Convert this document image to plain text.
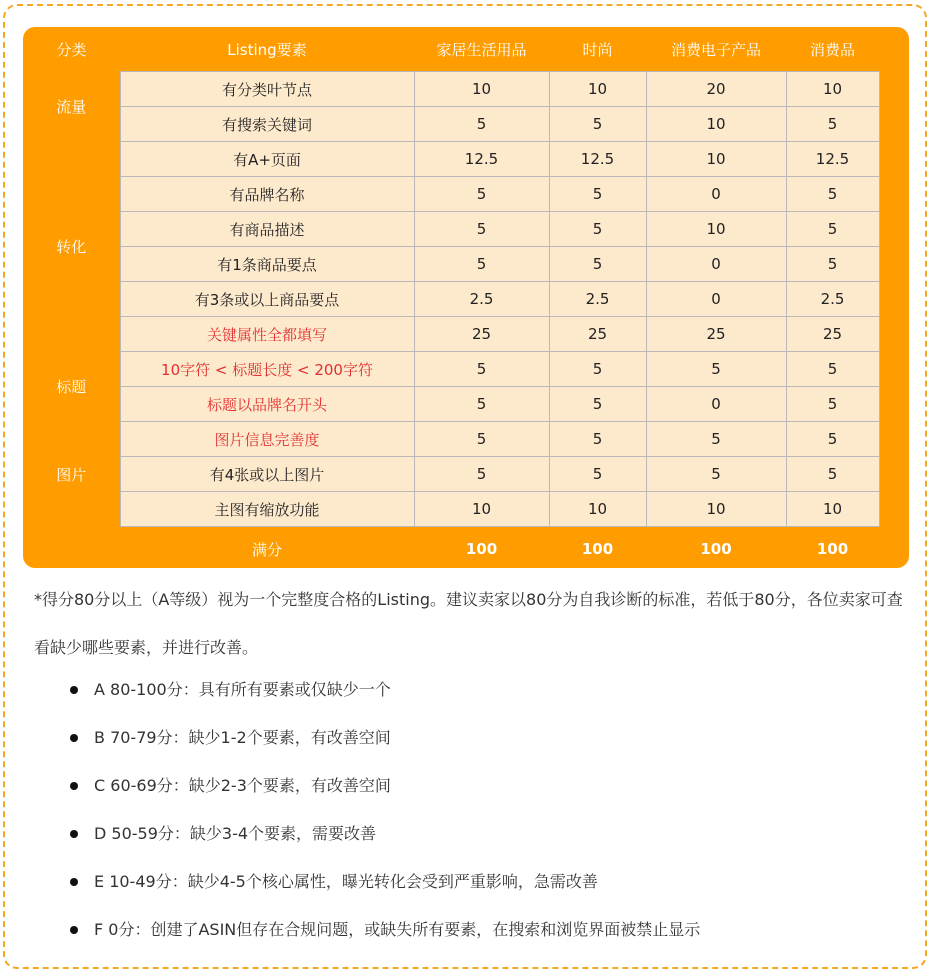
分类	Listing要素	家居生活用品	时尚	消费电子产品	消费品	
流量	有分类叶节点	10	10	20	10	
	有搜索关键词	5	5	10	5	
转化	有A+页面	12.5	12.5	10	12.5	
	有品牌名称	5	5	0	5	
	有商品描述	5	5	10	5	
	有1条商品要点	5	5	0	5	
	有3条或以上商品要点	2.5	2.5	0	2.5	
	关键属性全都填写	25	25	25	25	
标题	10字符 < 标题长度 < 200字符	5	5	5	5	
	标题以品牌名开头	5	5	0	5	
图片	图片信息完善度	5	5	5	5	
	有4张或以上图片	5	5	5	5	
	主图有缩放功能	10	10	10	10	
	满分	100	100	100	100	
*得分80分以上（A等级）视为一个完整度合格的Listing。建议卖家以80分为自我诊断的标准，若低于80分，各位卖家可查看缺少哪些要素，并进行改善。
A 80-100分：具有所有要素或仅缺少一个
B 70-79分：缺少1-2个要素，有改善空间
C 60-69分：缺少2-3个要素，有改善空间
D 50-59分：缺少3-4个要素，需要改善
E 10-49分：缺少4-5个核心属性，曝光转化会受到严重影响，急需改善
F 0分：创建了ASIN但存在合规问题，或缺失所有要素，在搜索和浏览界面被禁止显示
